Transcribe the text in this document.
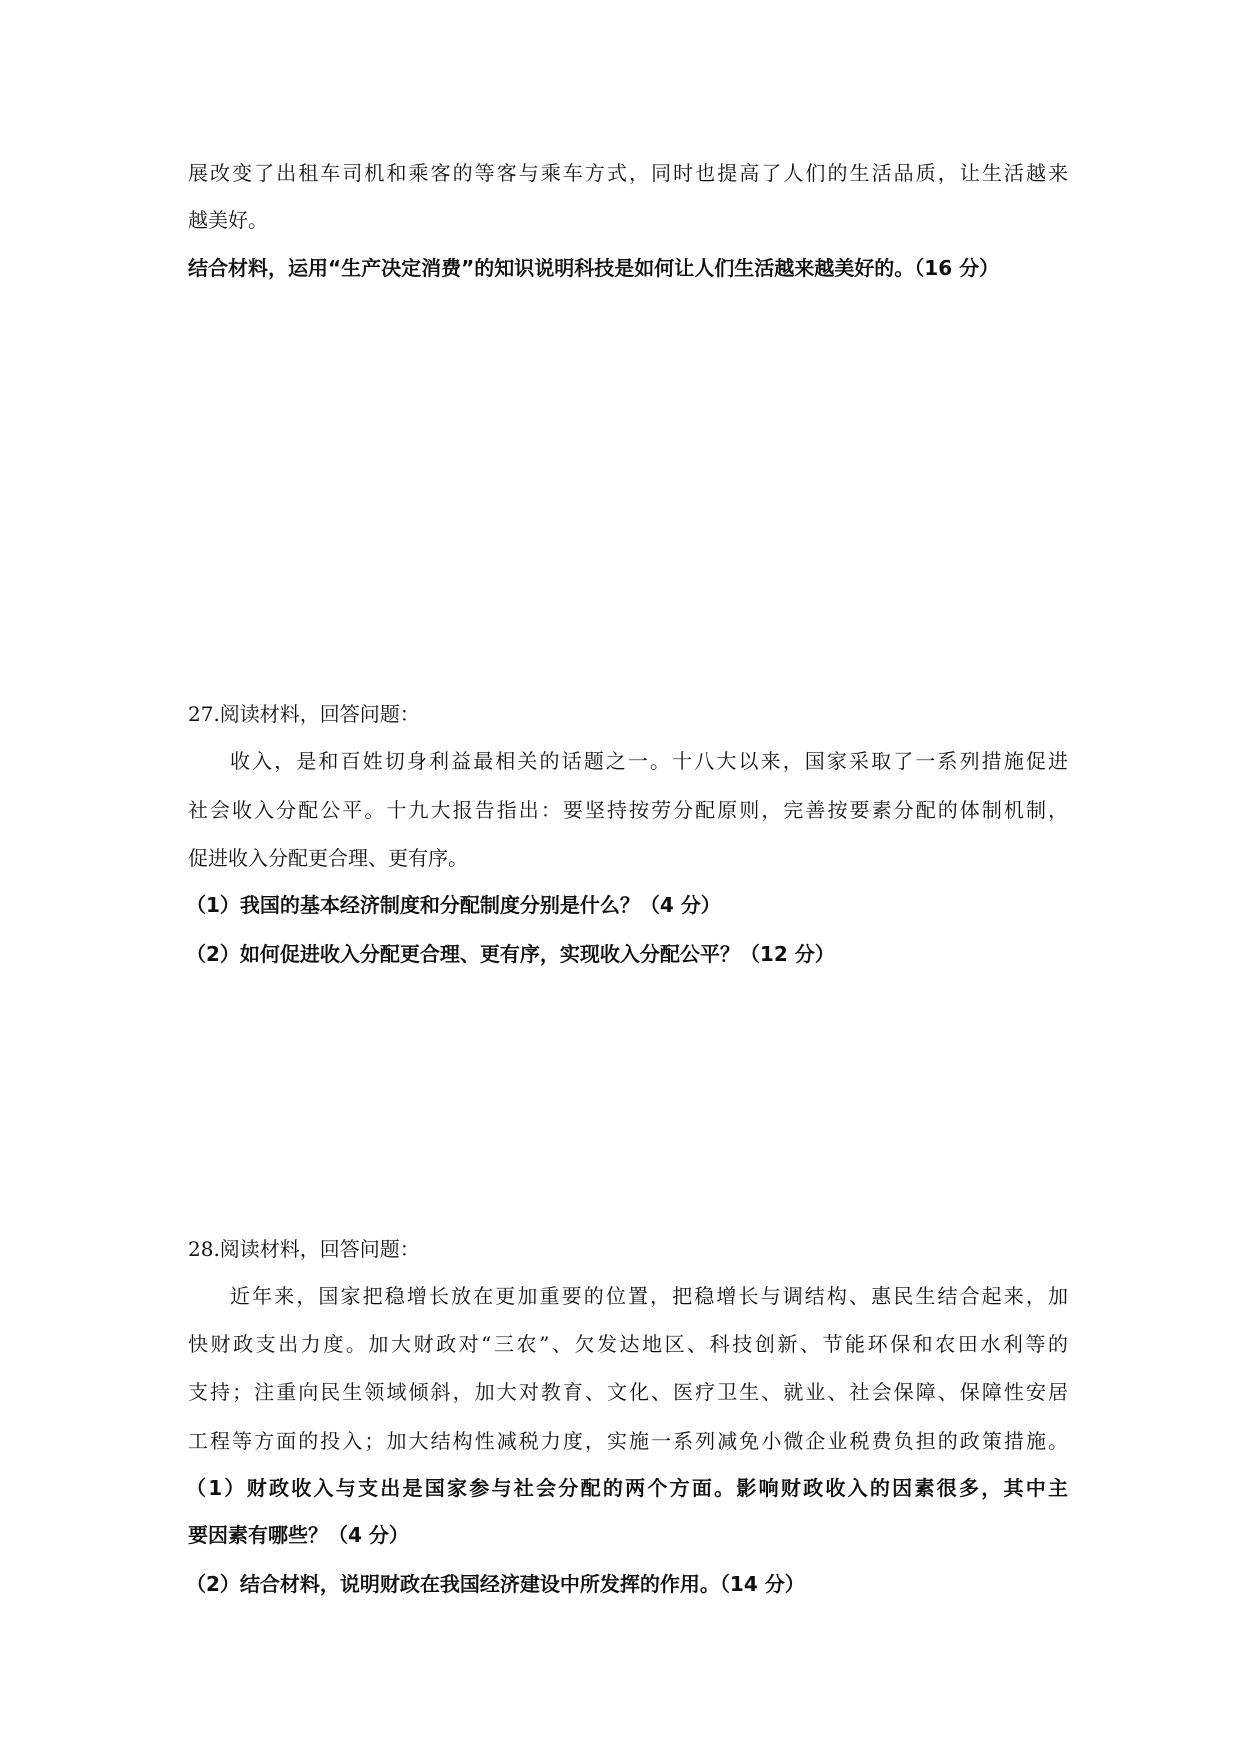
展改变了出租车司机和乘客的等客与乘车方式，同时也提高了人们的生活品质，让生活越来
越美好。
结合材料，运用“生产决定消费”的知识说明科技是如何让人们生活越来越美好的。（16 分）
27.阅读材料，回答问题：
收入，是和百姓切身利益最相关的话题之一。十八大以来，国家采取了一系列措施促进
社会收入分配公平。十九大报告指出：要坚持按劳分配原则，完善按要素分配的体制机制，
促进收入分配更合理、更有序。
（1）我国的基本经济制度和分配制度分别是什么？（4 分）
（2）如何促进收入分配更合理、更有序，实现收入分配公平？（12 分）
28.阅读材料，回答问题：
近年来，国家把稳增长放在更加重要的位置，把稳增长与调结构、惠民生结合起来，加
快财政支出力度。加大财政对“三农”、欠发达地区、科技创新、节能环保和农田水利等的
支持；注重向民生领域倾斜，加大对教育、文化、医疗卫生、就业、社会保障、保障性安居
工程等方面的投入；加大结构性减税力度，实施一系列减免小微企业税费负担的政策措施。
（1）财政收入与支出是国家参与社会分配的两个方面。影响财政收入的因素很多，其中主
要因素有哪些？（4 分）
（2）结合材料，说明财政在我国经济建设中所发挥的作用。（14 分）
